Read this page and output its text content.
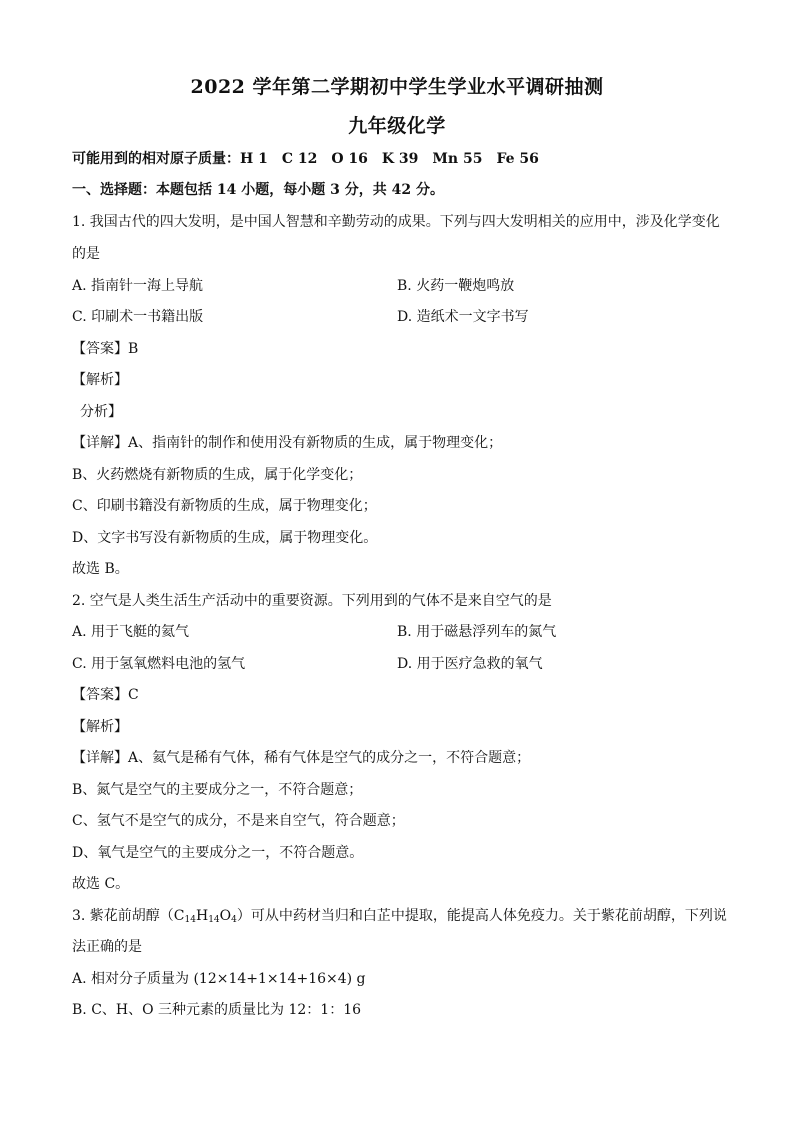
2022 学年第二学期初中学生学业水平调研抽测
九年级化学
可能用到的相对原子质量：H 1　C 12　O 16　K 39　Mn 55　Fe 56
一、选择题：本题包括 14 小题，每小题 3 分，共 42 分。
1. 我国古代的四大发明，是中国人智慧和辛勤劳动的成果。下列与四大发明相关的应用中，涉及化学变化
的是
A. 指南针一海上导航	B. 火药一鞭炮鸣放
C. 印刷术一书籍出版	D. 造纸术一文字书写
【答案】B
【解析】
分析】
【详解】A、指南针的制作和使用没有新物质的生成，属于物理变化；
B、火药燃烧有新物质的生成，属于化学变化；
C、印刷书籍没有新物质的生成，属于物理变化；
D、文字书写没有新物质的生成，属于物理变化。
故选 B。
2. 空气是人类生活生产活动中的重要资源。下列用到的气体不是来自空气的是
A. 用于飞艇的氦气	B. 用于磁悬浮列车的氮气
C. 用于氢氧燃料电池的氢气	D. 用于医疗急救的氧气
【答案】C
【解析】
【详解】A、氦气是稀有气体，稀有气体是空气的成分之一，不符合题意；
B、氮气是空气的主要成分之一，不符合题意；
C、氢气不是空气的成分，不是来自空气，符合题意；
D、氧气是空气的主要成分之一，不符合题意。
故选 C。
3. 紫花前胡醇$(C_{14}H_{14}O_4)$可从中药材当归和白芷中提取，能提高人体免疫力。关于紫花前胡醇，下列说
法正确的是
A. 相对分子质量为 (12×14+1×14+16×4) g
B. C、H、O 三种元素的质量比为 12：1：16
